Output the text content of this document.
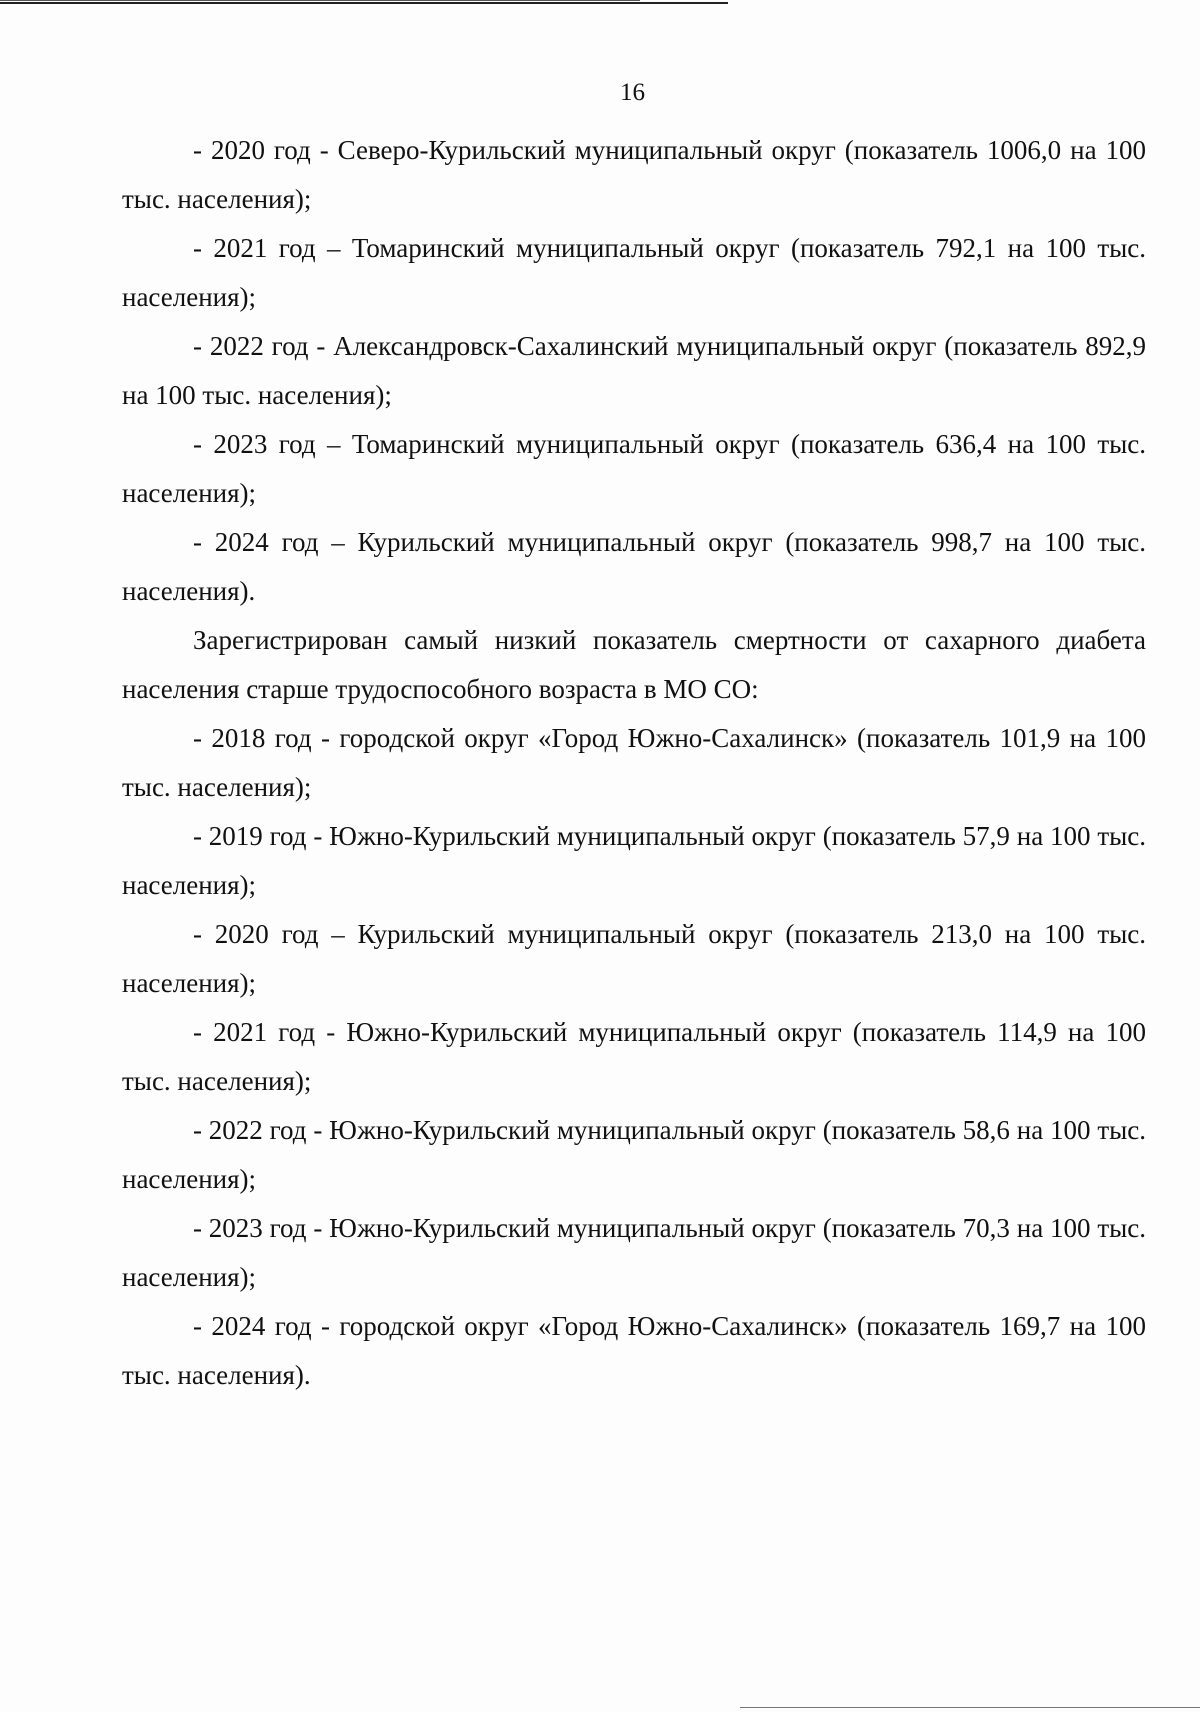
16

- 2020 год - Северо-Курильский муниципальный округ (показатель 1006,0 на 100 тыс. населения);

- 2021 год – Томаринский муниципальный округ (показатель 792,1 на 100 тыс. населения);

- 2022 год - Александровск-Сахалинский муниципальный округ (показатель 892,9 на 100 тыс. населения);

- 2023 год – Томаринский муниципальный округ (показатель 636,4 на 100 тыс. населения);

- 2024 год – Курильский муниципальный округ (показатель 998,7 на 100 тыс. населения).

Зарегистрирован самый низкий показатель смертности от сахарного диабета населения старше трудоспособного возраста в МО СО:

- 2018 год - городской округ «Город Южно-Сахалинск» (показатель 101,9 на 100 тыс. населения);

- 2019 год - Южно-Курильский муниципальный округ (показатель 57,9 на 100 тыс. населения);

- 2020 год – Курильский муниципальный округ (показатель 213,0 на 100 тыс. населения);

- 2021 год - Южно-Курильский муниципальный округ (показатель 114,9 на 100 тыс. населения);

- 2022 год - Южно-Курильский муниципальный округ (показатель 58,6 на 100 тыс. населения);

- 2023 год - Южно-Курильский муниципальный округ (показатель 70,3 на 100 тыс. населения);

- 2024 год - городской округ «Город Южно-Сахалинск» (показатель 169,7 на 100 тыс. населения).
